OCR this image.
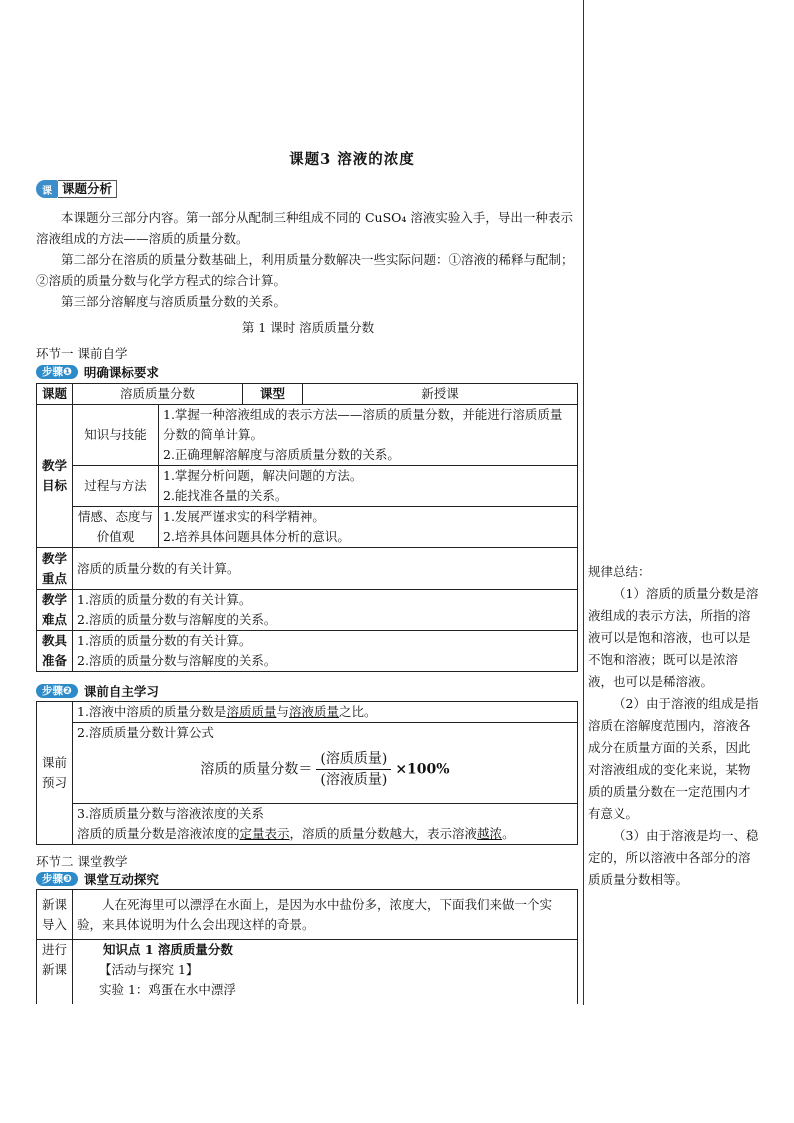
课题3 溶液的浓度
课 课题分析

本课题分三部分内容。第一部分从配制三种组成不同的 CuSO₄ 溶液实验入手，导出一种表示溶液组成的方法——溶质的质量分数。

第二部分在溶质的质量分数基础上，利用质量分数解决一些实际问题：①溶液的稀释与配制；②溶质的质量分数与化学方程式的综合计算。

第三部分溶解度与溶质质量分数的关系。

第 1 课时 溶质质量分数
环节一 课前自学
步骤❶ 明确课标要求
课题	溶质质量分数		课型	新授课
教学目标	知识与技能	1.掌握一种溶液组成的表示方法——溶质的质量分数，并能进行溶质质量分数的简单计算。
2.正确理解溶解度与溶质质量分数的关系。		

	过程与方法	1.掌握分析问题，解决问题的方法。
2.能找准各量的关系。		

	情感、态度与价值观	1.发展严谨求实的科学精神。
2.培养具体问题具体分析的意识。		

教学重点	溶质的质量分数的有关计算。			
教学难点	1.溶质的质量分数的有关计算。
2.溶质的质量分数与溶解度的关系。			

教具准备	1.溶质的质量分数的有关计算。
2.溶质的质量分数与溶解度的关系。			
步骤❷ 课前自主学习
课前预习	1.溶液中溶质的质量分数是溶质质量与溶液质量之比。

2.溶质质量分数计算公式
溶质的质量分数＝ $\frac{\text{(溶质质量)}}{\text{(溶液质量)}} \times 100\%$

3.溶质质量分数与溶液浓度的关系
溶质的质量分数是溶液浓度的定量表示，溶质的质量分数越大，表示溶液越浓。
环节二 课堂教学
步骤❸ 课堂互动探究
新课导入	人在死海里可以漂浮在水面上，是因为水中盐份多，浓度大，下面我们来做一个实验，来具体说明为什么会出现这样的奇景。
进行新课	知识点 1 溶质质量分数
【活动与探究 1】
实验 1：鸡蛋在水中漂浮
规律总结：

（1）溶质的质量分数是溶液组成的表示方法，所指的溶液可以是饱和溶液，也可以是不饱和溶液；既可以是浓溶液，也可以是稀溶液。

（2）由于溶液的组成是指溶质在溶解度范围内，溶液各成分在质量方面的关系，因此对溶液组成的变化来说，某物质的质量分数在一定范围内才有意义。

（3）由于溶液是均一、稳定的，所以溶液中各部分的溶质质量分数相等。
